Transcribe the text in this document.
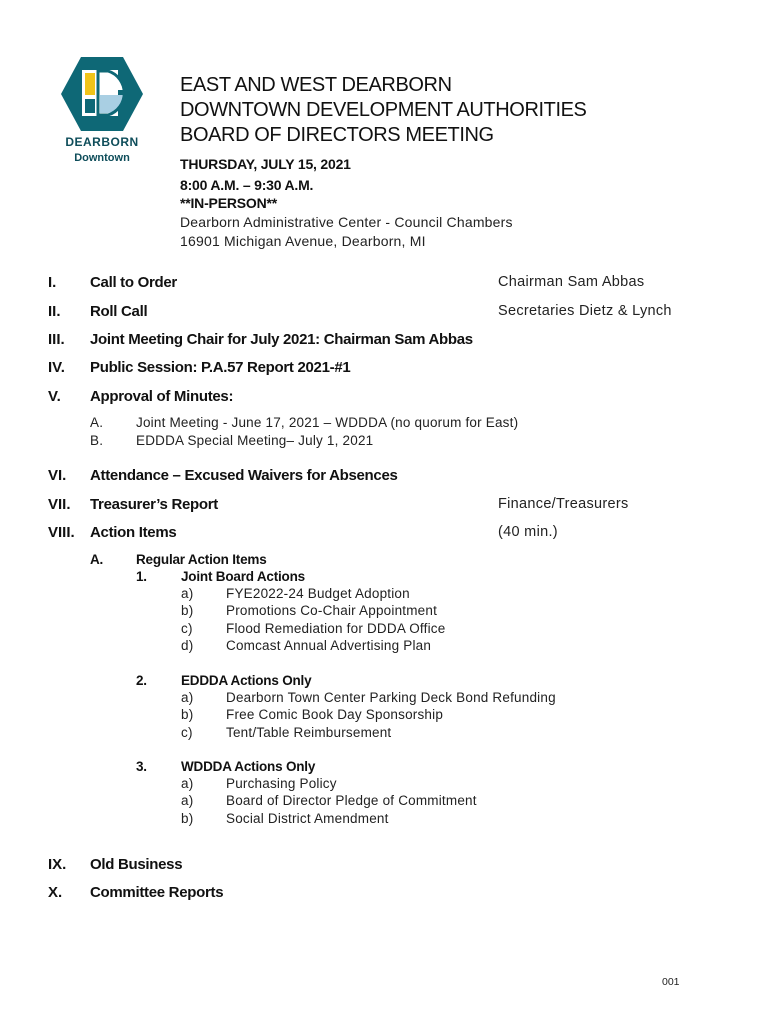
DEARBORN
Downtown
EAST AND WEST DEARBORN
DOWNTOWN DEVELOPMENT AUTHORITIES
BOARD OF DIRECTORS MEETING
THURSDAY, JULY 15, 2021
8:00 A.M. – 9:30 A.M.
**IN-PERSON**
Dearborn Administrative Center - Council Chambers
16901 Michigan Avenue, Dearborn, MI
I. Call to Order	Chairman Sam Abbas
II. Roll Call	Secretaries Dietz & Lynch
III. Joint Meeting Chair for July 2021: Chairman Sam Abbas
IV. Public Session: P.A.57 Report 2021-#1
V. Approval of Minutes:
A. Joint Meeting - June 17, 2021 – WDDDA (no quorum for East)
B. EDDDA Special Meeting– July 1, 2021
VI. Attendance – Excused Waivers for Absences
VII. Treasurer’s Report	Finance/Treasurers
VIII. Action Items	(40 min.)
A. Regular Action Items
1.	Joint Board Actions
a) FYE2022-24 Budget Adoption
b) Promotions Co-Chair Appointment
c) Flood Remediation for DDDA Office
d) Comcast Annual Advertising Plan
2.	EDDDA Actions Only
a) Dearborn Town Center Parking Deck Bond Refunding
b) Free Comic Book Day Sponsorship
c) Tent/Table Reimbursement
3.	WDDDA Actions Only
a) Purchasing Policy
a) Board of Director Pledge of Commitment
b) Social District Amendment
IX. Old Business
X. Committee Reports
001
